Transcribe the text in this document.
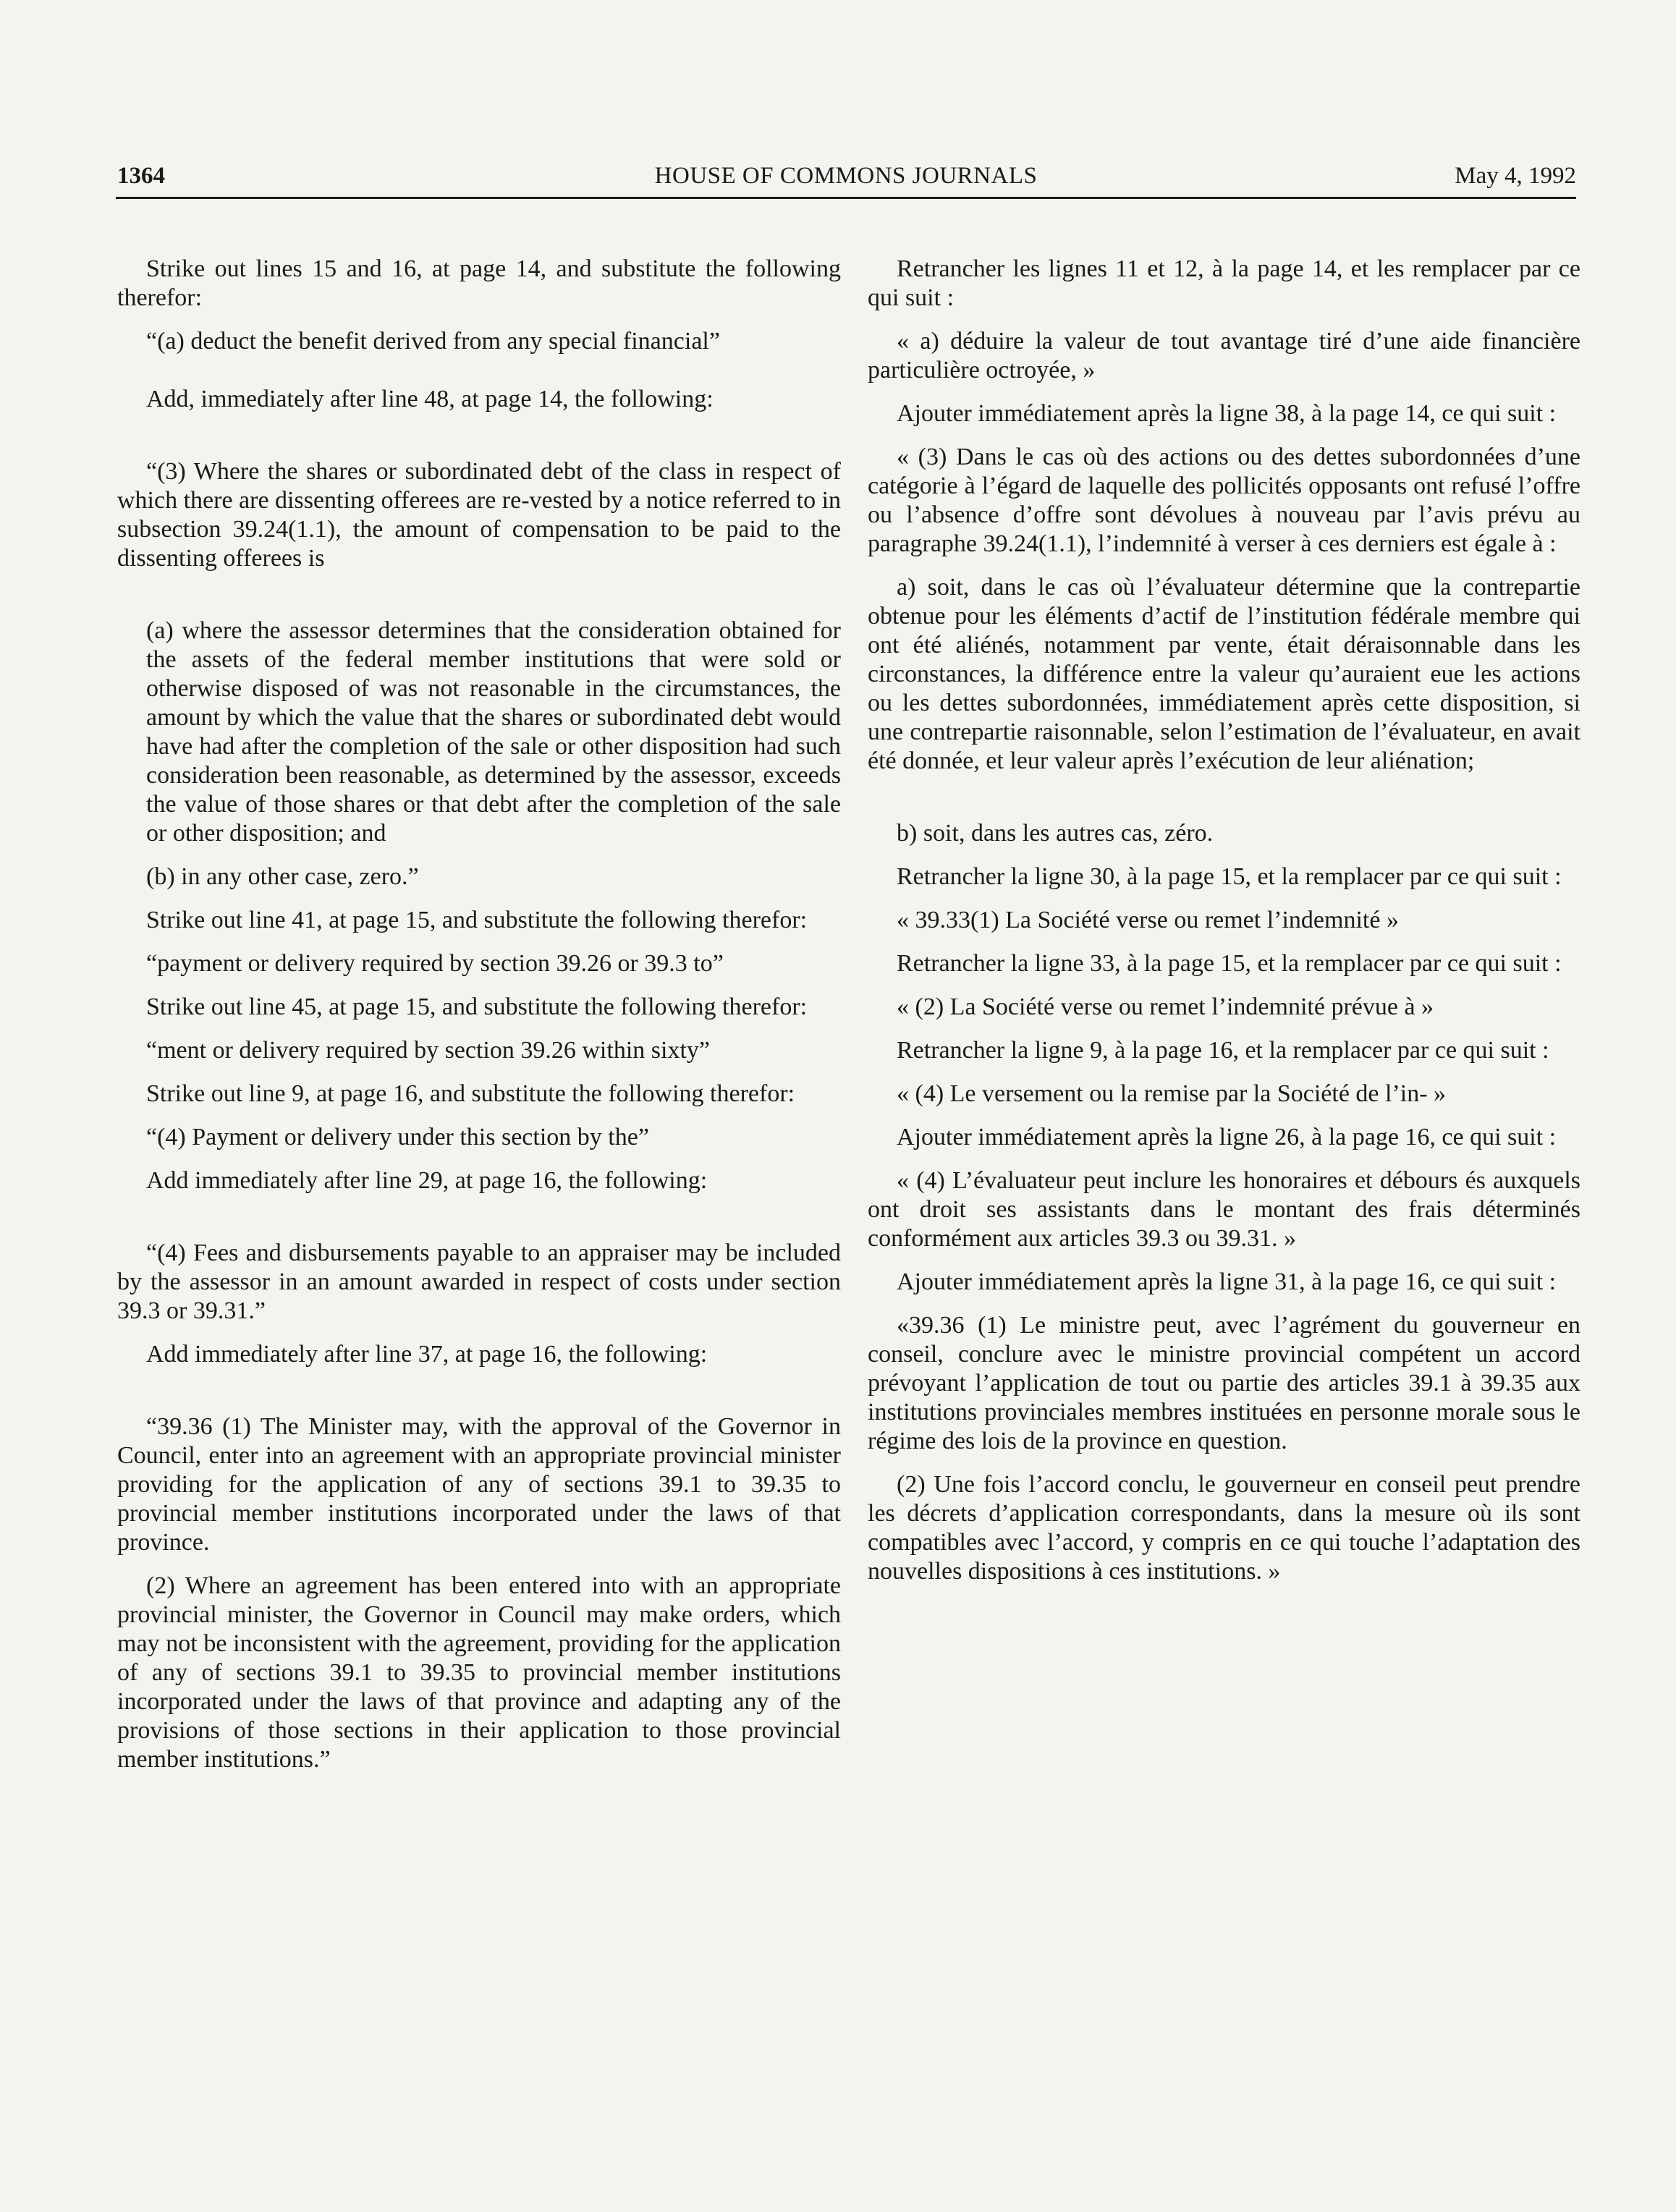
1364	HOUSE OF COMMONS JOURNALS	May 4, 1992

Strike out lines 15 and 16, at page 14, and substitute the following therefor:

“(a) deduct the benefit derived from any special financial”

Add, immediately after line 48, at page 14, the following:

“(3) Where the shares or subordinated debt of the class in respect of which there are dissenting offerees are re-vested by a notice referred to in subsection 39.24(1.1), the amount of compensation to be paid to the dissenting offerees is

(a) where the assessor determines that the consideration obtained for the assets of the federal member institutions that were sold or otherwise disposed of was not reasonable in the circumstances, the amount by which the value that the shares or subordinated debt would have had after the completion of the sale or other disposition had such consideration been reasonable, as determined by the assessor, exceeds the value of those shares or that debt after the completion of the sale or other disposition; and

(b) in any other case, zero.”

Strike out line 41, at page 15, and substitute the following therefor:

“payment or delivery required by section 39.26 or 39.3 to”

Strike out line 45, at page 15, and substitute the following therefor:

“ment or delivery required by section 39.26 within sixty”

Strike out line 9, at page 16, and substitute the following therefor:

“(4) Payment or delivery under this section by the”

Add immediately after line 29, at page 16, the following:

“(4) Fees and disbursements payable to an appraiser may be included by the assessor in an amount awarded in respect of costs under section 39.3 or 39.31.”

Add immediately after line 37, at page 16, the following:

“39.36 (1) The Minister may, with the approval of the Governor in Council, enter into an agreement with an appropriate provincial minister providing for the application of any of sections 39.1 to 39.35 to provincial member institutions incorporated under the laws of that province.

(2) Where an agreement has been entered into with an appropriate provincial minister, the Governor in Council may make orders, which may not be inconsistent with the agreement, providing for the application of any of sections 39.1 to 39.35 to provincial member institutions incorporated under the laws of that province and adapting any of the provisions of those sections in their application to those provincial member institutions.”

Retrancher les lignes 11 et 12, à la page 14, et les remplacer par ce qui suit :

« a) déduire la valeur de tout avantage tiré d’une aide financière particulière octroyée, »

Ajouter immédiatement après la ligne 38, à la page 14, ce qui suit :

« (3) Dans le cas où des actions ou des dettes subordonnées d’une catégorie à l’égard de laquelle des pollicités opposants ont refusé l’offre ou l’absence d’offre sont dévolues à nouveau par l’avis prévu au paragraphe 39.24(1.1), l’indemnité à verser à ces derniers est égale à :

a) soit, dans le cas où l’évaluateur détermine que la contrepartie obtenue pour les éléments d’actif de l’institution fédérale membre qui ont été aliénés, notamment par vente, était déraisonnable dans les circonstances, la différence entre la valeur qu’auraient eue les actions ou les dettes subordonnées, immédiatement après cette disposition, si une contrepartie raisonnable, selon l’estimation de l’évaluateur, en avait été donnée, et leur valeur après l’exécution de leur aliénation;

b) soit, dans les autres cas, zéro.

Retrancher la ligne 30, à la page 15, et la remplacer par ce qui suit :

« 39.33(1) La Société verse ou remet l’indemnité »

Retrancher la ligne 33, à la page 15, et la remplacer par ce qui suit :

« (2) La Société verse ou remet l’indemnité prévue à »

Retrancher la ligne 9, à la page 16, et la remplacer par ce qui suit :

« (4) Le versement ou la remise par la Société de l’in- »

Ajouter immédiatement après la ligne 26, à la page 16, ce qui suit :

« (4) L’évaluateur peut inclure les honoraires et débours és auxquels ont droit ses assistants dans le montant des frais déterminés conformément aux articles 39.3 ou 39.31. »

Ajouter immédiatement après la ligne 31, à la page 16, ce qui suit :

«39.36 (1) Le ministre peut, avec l’agrément du gouverneur en conseil, conclure avec le ministre provincial compétent un accord prévoyant l’application de tout ou partie des articles 39.1 à 39.35 aux institutions provinciales membres instituées en personne morale sous le régime des lois de la province en question.

(2) Une fois l’accord conclu, le gouverneur en conseil peut prendre les décrets d’application correspondants, dans la mesure où ils sont compatibles avec l’accord, y compris en ce qui touche l’adaptation des nouvelles dispositions à ces institutions. »
